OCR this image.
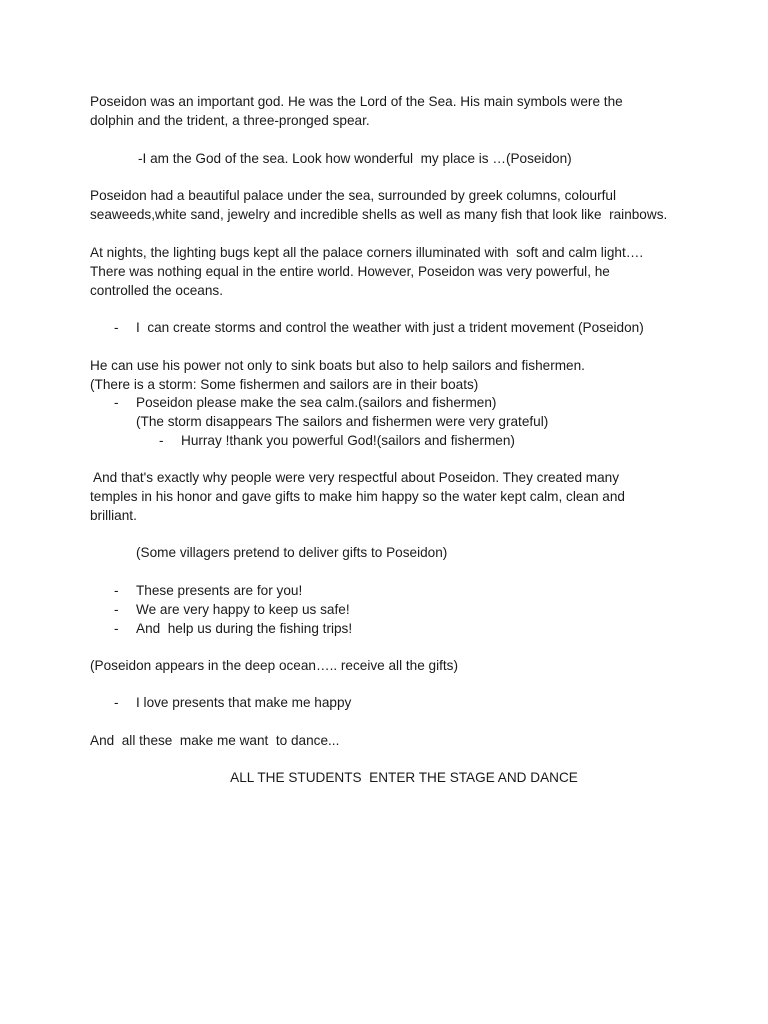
Poseidon was an important god. He was the Lord of the Sea. His main symbols were the
dolphin and the trident, a three-pronged spear.
-I am the God of the sea. Look how wonderful  my place is …(Poseidon)
Poseidon had a beautiful palace under the sea, surrounded by greek columns, colourful
seaweeds,white sand, jewelry and incredible shells as well as many fish that look like  rainbows.
At nights, the lighting bugs kept all the palace corners illuminated with  soft and calm light….
There was nothing equal in the entire world. However, Poseidon was very powerful, he
controlled the oceans.
- I  can create storms and control the weather with just a trident movement (Poseidon)
He can use his power not only to sink boats but also to help sailors and fishermen.
(There is a storm: Some fishermen and sailors are in their boats)
- Poseidon please make the sea calm.(sailors and fishermen)
(The storm disappears The sailors and fishermen were very grateful)
- Hurray !thank you powerful God!(sailors and fishermen)
And that's exactly why people were very respectful about Poseidon. They created many
temples in his honor and gave gifts to make him happy so the water kept calm, clean and
brilliant.
(Some villagers pretend to deliver gifts to Poseidon)
- These presents are for you!
- We are very happy to keep us safe!
- And  help us during the fishing trips!
(Poseidon appears in the deep ocean….. receive all the gifts)
- I love presents that make me happy
And  all these  make me want  to dance...
ALL THE STUDENTS  ENTER THE STAGE AND DANCE
